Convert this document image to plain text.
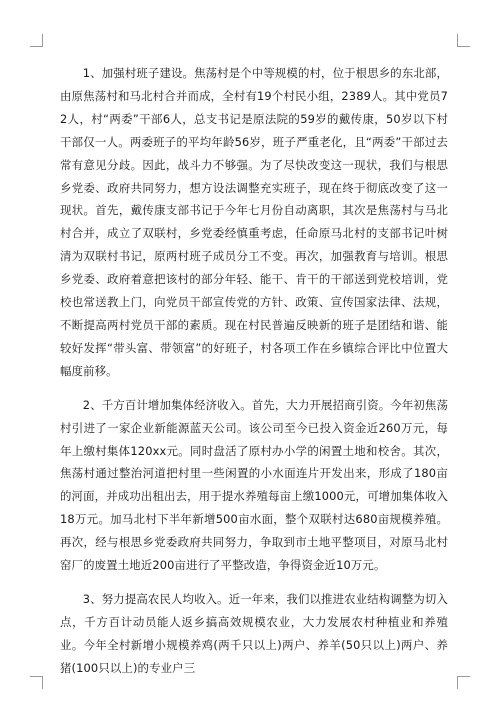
1、加强村班子建设。焦荡村是个中等规模的村，位于根思乡的东北部，由原焦荡村和马北村合并而成，全村有19个村民小组，2389人。其中党员72人，村“两委”干部6人，总支书记是原法院的59岁的戴传康，50岁以下村干部仅一人。两委班子的平均年龄56岁，班子严重老化，且“两委”干部过去常有意见分歧。因此，战斗力不够强。为了尽快改变这一现状，我们与根思乡党委、政府共同努力，想方设法调整充实班子，现在终于彻底改变了这一现状。首先，戴传康支部书记于今年七月份自动离职，其次是焦荡村与马北村合并，成立了双联村，乡党委经慎重考虑，任命原马北村的支部书记叶树清为双联村书记，原两村班子成员分工不变。再次，加强教育与培训。根思乡党委、政府着意把该村的部分年轻、能干、肯干的干部送到党校培训，党校也常送教上门，向党员干部宣传党的方针、政策、宣传国家法律、法规，不断提高两村党员干部的素质。现在村民普遍反映新的班子是团结和谐、能较好发挥“带头富、带领富”的好班子，村各项工作在乡镇综合评比中位置大幅度前移。

2、千方百计增加集体经济收入。首先，大力开展招商引资。今年初焦荡村引进了一家企业新能源蓝天公司。该公司至今已投入资金近260万元，每年上缴村集体120xx元。同时盘活了原村办小学的闲置土地和校舍。其次，焦荡村通过整治河道把村里一些闲置的小水面连片开发出来，形成了180亩的河面，并成功出租出去，用于提水养殖每亩上缴1000元，可增加集体收入18万元。加马北村下半年新增500亩水面，整个双联村达680亩规模养殖。再次，经与根思乡党委政府共同努力，争取到市土地平整项目，对原马北村窑厂的废置土地近200亩进行了平整改造，争得资金近10万元。

3、努力提高农民人均收入。近一年来，我们以推进农业结构调整为切入点，千方百计动员能人返乡搞高效规模农业，大力发展农村种植业和养殖业。今年全村新增小规模养鸡(两千只以上)两户、养羊(50只以上)两户、养猪(100只以上)的专业户三
